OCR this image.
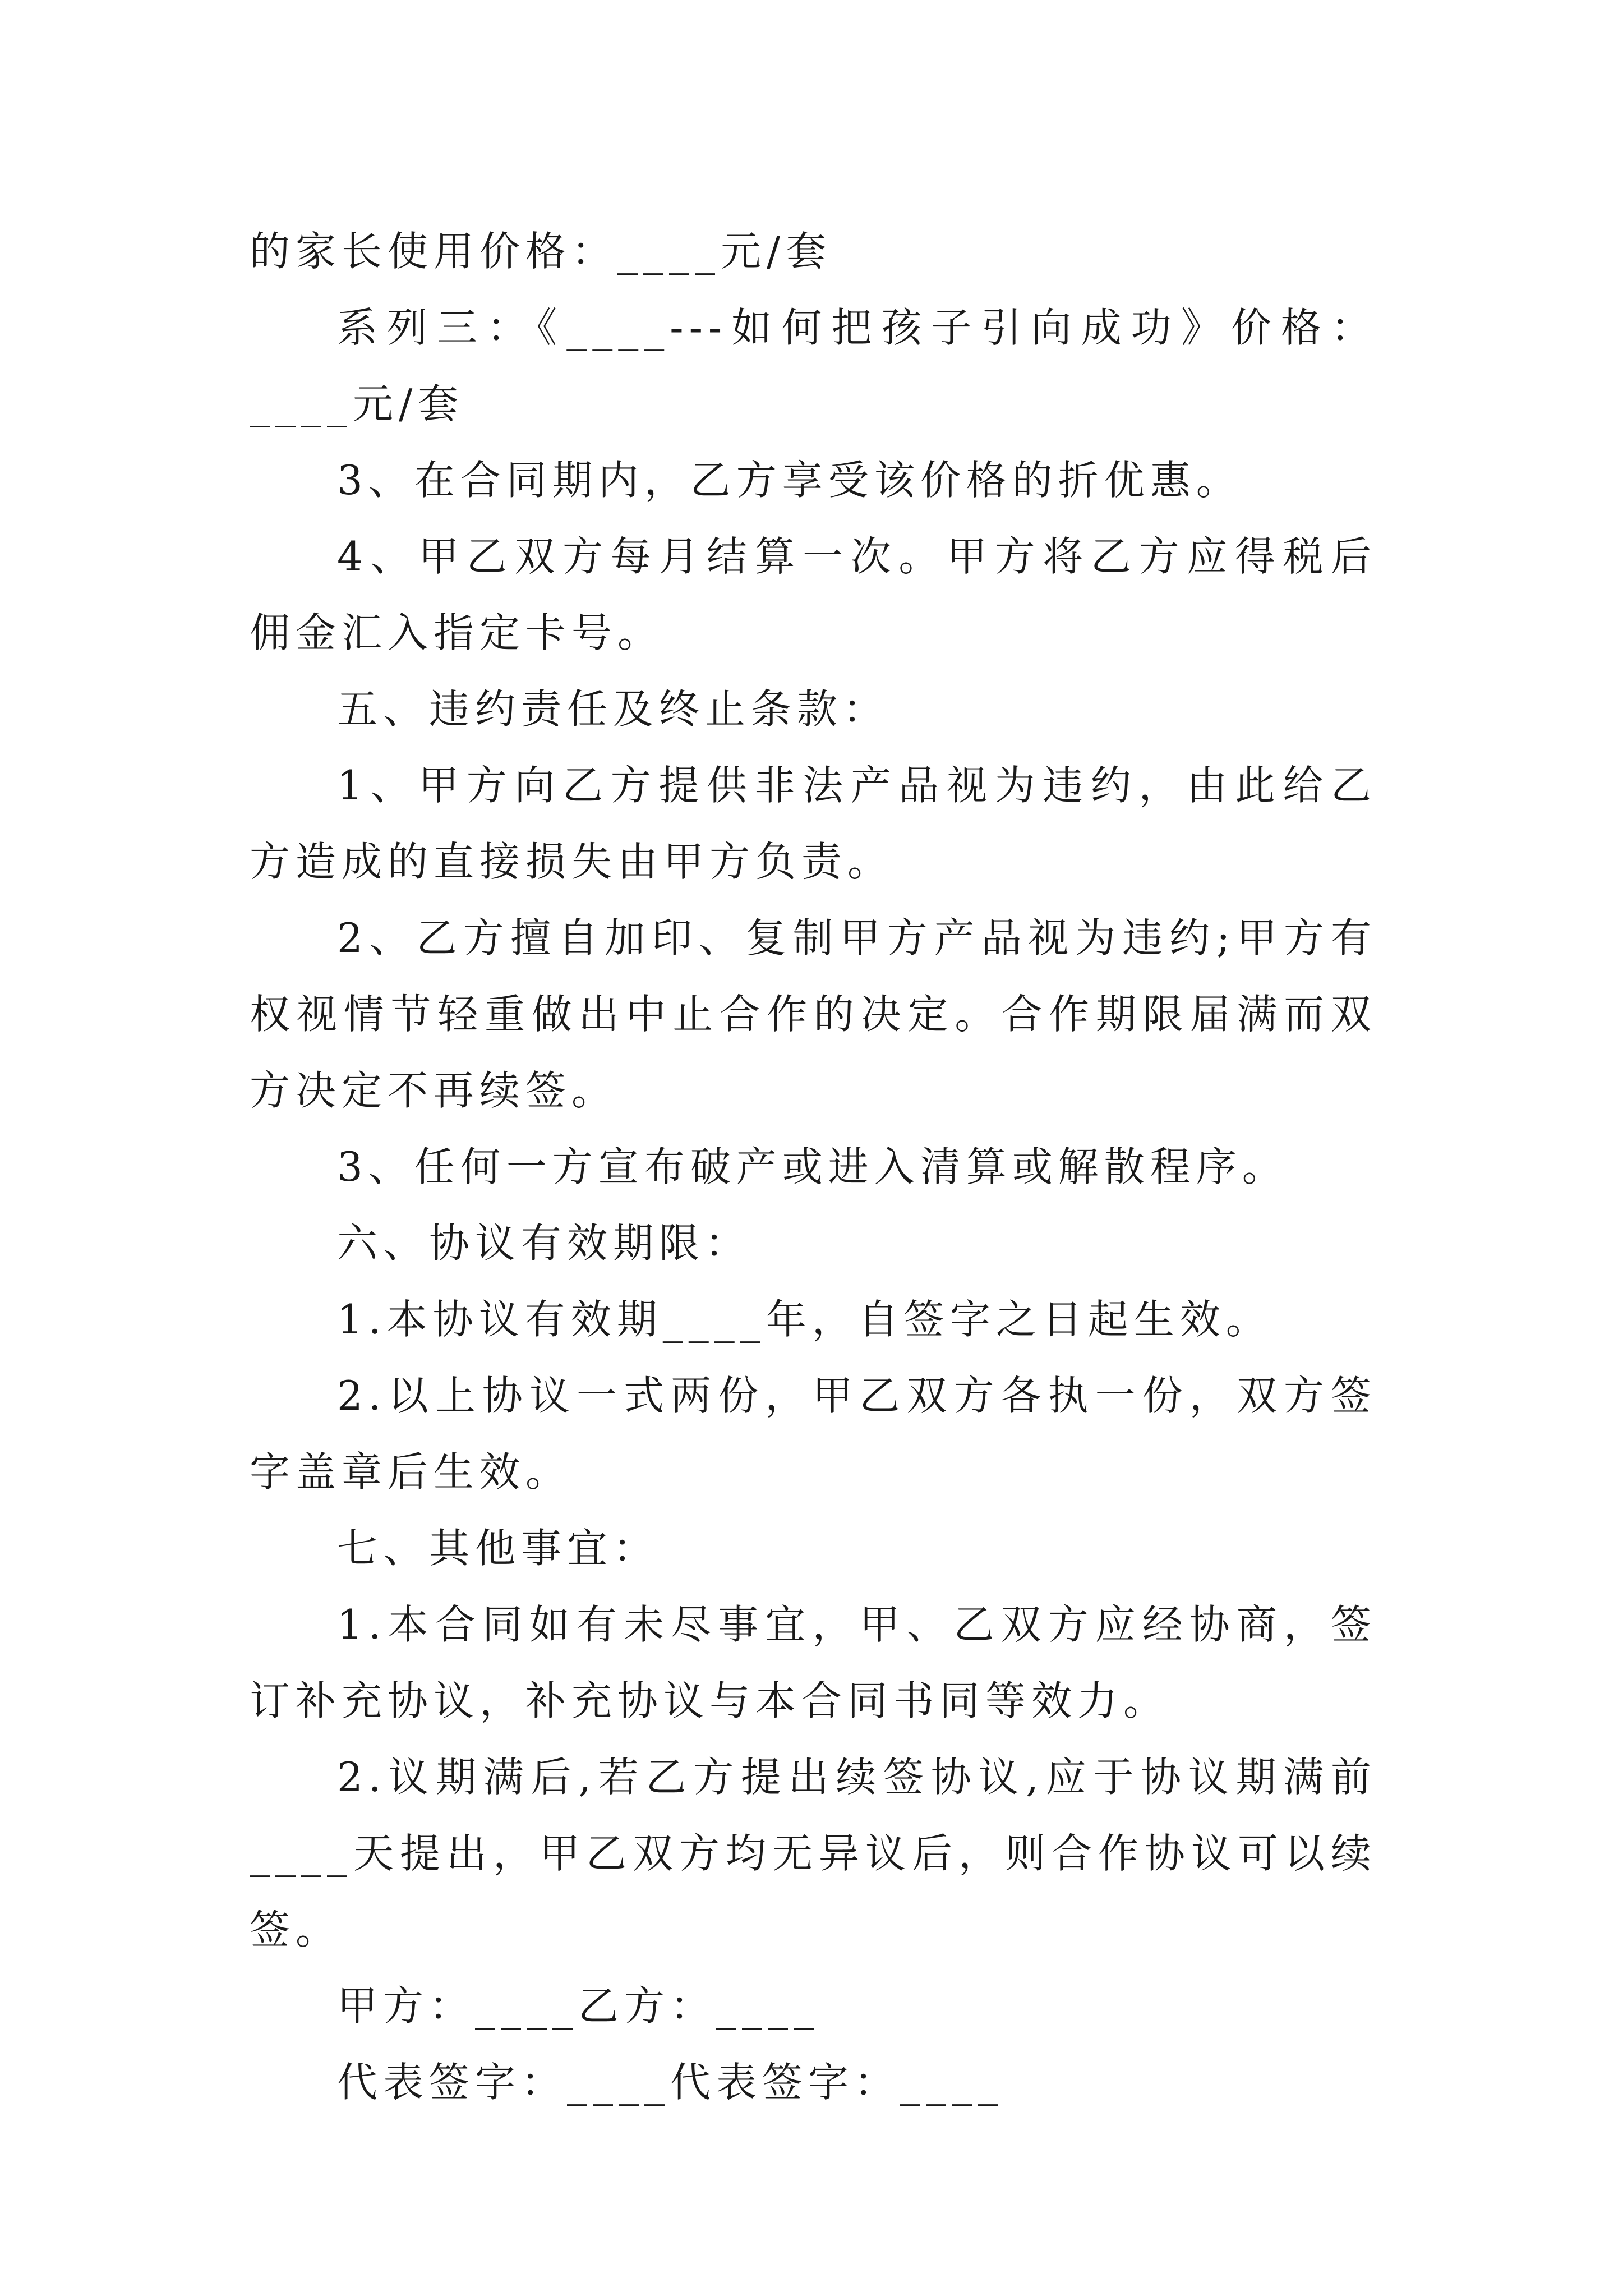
的家长使用价格：____元/套

系列三：《____---如何把孩子引向成功》价格：____元/套

3、在合同期内，乙方享受该价格的折优惠。

4、甲乙双方每月结算一次。甲方将乙方应得税后佣金汇入指定卡号。

五、违约责任及终止条款：

1、甲方向乙方提供非法产品视为违约，由此给乙方造成的直接损失由甲方负责。

2、乙方擅自加印、复制甲方产品视为违约;甲方有权视情节轻重做出中止合作的决定。合作期限届满而双方决定不再续签。

3、任何一方宣布破产或进入清算或解散程序。

六、协议有效期限：

1.本协议有效期____年，自签字之日起生效。

2.以上协议一式两份，甲乙双方各执一份，双方签字盖章后生效。

七、其他事宜：

1.本合同如有未尽事宜，甲、乙双方应经协商，签订补充协议，补充协议与本合同书同等效力。

2.议期满后,若乙方提出续签协议,应于协议期满前____天提出，甲乙双方均无异议后，则合作协议可以续签。

甲方：____乙方：____

代表签字：____代表签字：____
